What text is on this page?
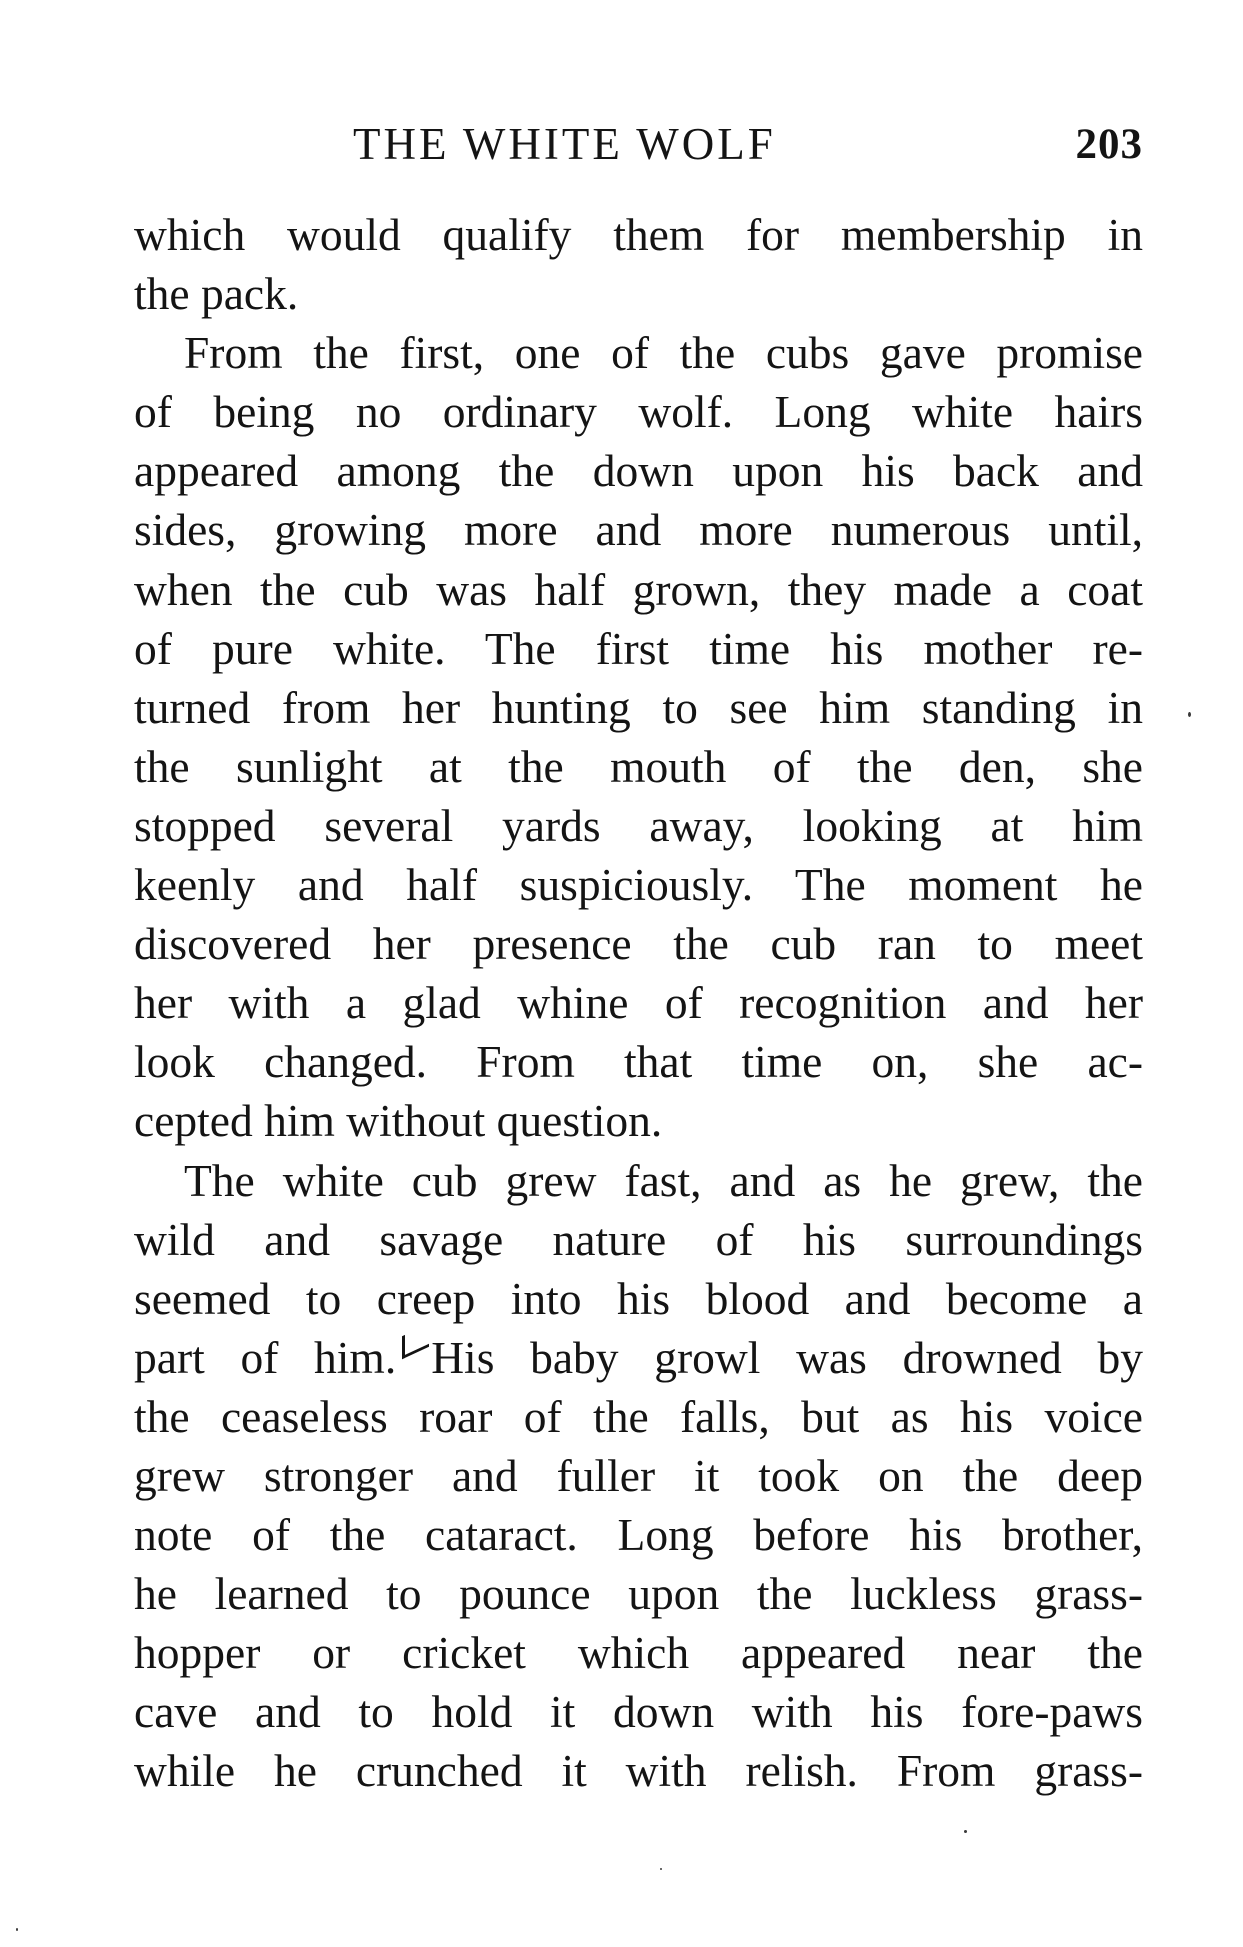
THE WHITE WOLF	203
which would qualify them for membership in
the pack.
From the first, one of the cubs gave promise
of being no ordinary wolf. Long white hairs
appeared among the down upon his back and
sides, growing more and more numerous until,
when the cub was half grown, they made a coat
of pure white. The first time his mother re-
turned from her hunting to see him standing in
the sunlight at the mouth of the den, she
stopped several yards away, looking at him
keenly and half suspiciously. The moment he
discovered her presence the cub ran to meet
her with a glad whine of recognition and her
look changed. From that time on, she ac-
cepted him without question.
The white cub grew fast, and as he grew, the
wild and savage nature of his surroundings
seemed to creep into his blood and become a
part of him. His baby growl was drowned by
the ceaseless roar of the falls, but as his voice
grew stronger and fuller it took on the deep
note of the cataract. Long before his brother,
he learned to pounce upon the luckless grass-
hopper or cricket which appeared near the
cave and to hold it down with his fore-paws
while he crunched it with relish. From grass-
